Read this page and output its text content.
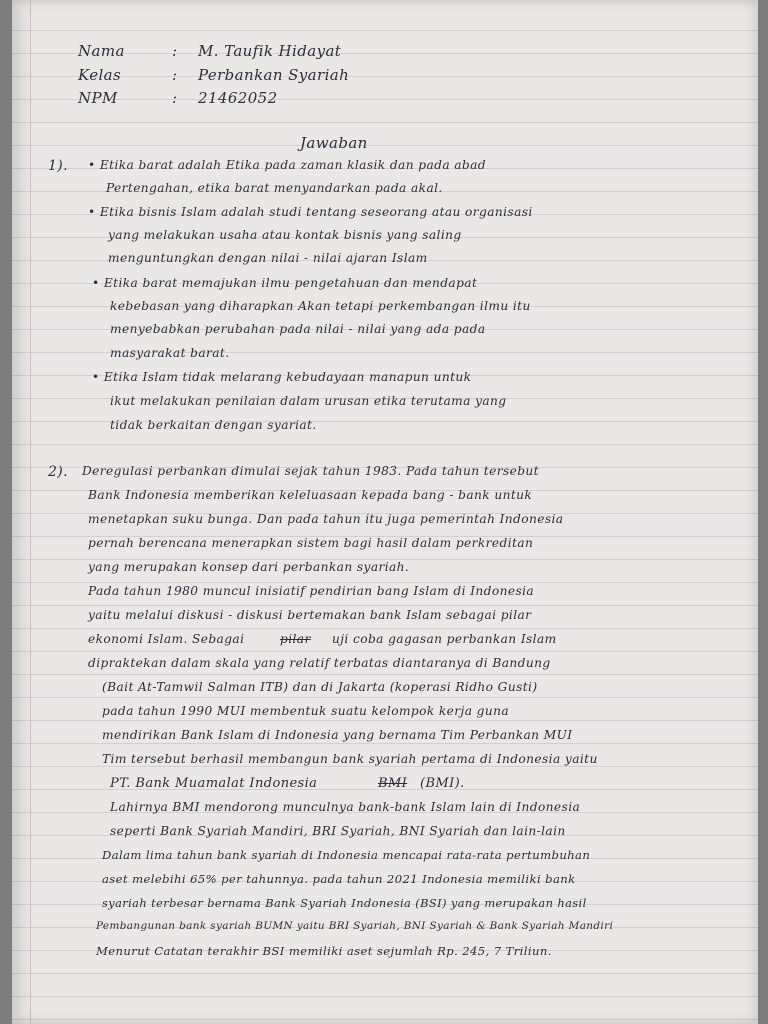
Nama	: M. Taufik Hidayat
Kelas	: Perbankan Syariah
NPM	: 21462052
Jawaban
1). • Etika barat adalah Etika pada zaman klasik dan pada abad
Pertengahan, etika barat menyandarkan pada akal.
• Etika bisnis Islam adalah studi tentang seseorang atau organisasi
yang melakukan usaha atau kontak bisnis yang saling
menguntungkan dengan nilai - nilai ajaran Islam
• Etika barat memajukan ilmu pengetahuan dan mendapat
kebebasan yang diharapkan Akan tetapi perkembangan ilmu itu
menyebabkan perubahan pada nilai - nilai yang ada pada
masyarakat barat.
• Etika Islam tidak melarang kebudayaan manapun untuk
ikut melakukan penilaian dalam urusan etika terutama yang
tidak berkaitan dengan syariat.
2). Deregulasi perbankan dimulai sejak tahun 1983. Pada tahun tersebut
Bank Indonesia memberikan keleluasaan kepada bang - bank untuk
menetapkan suku bunga. Dan pada tahun itu juga pemerintah Indonesia
pernah berencana menerapkan sistem bagi hasil dalam perkreditan
yang merupakan konsep dari perbankan syariah.
Pada tahun 1980 muncul inisiatif pendirian bang Islam di Indonesia
yaitu melalui diskusi - diskusi bertemakan bank Islam sebagai pilar
ekonomi Islam. Sebagai	pilar uji coba gagasan perbankan Islam
dipraktekan dalam skala yang relatif terbatas diantaranya di Bandung
(Bait At-Tamwil Salman ITB) dan di Jakarta (koperasi Ridho Gusti)
pada tahun 1990 MUI membentuk suatu kelompok kerja guna
mendirikan Bank Islam di Indonesia yang bernama Tim Perbankan MUI
Tim tersebut berhasil membangun bank syariah pertama di Indonesia yaitu
PT. Bank Muamalat Indonesia	BMI (BMI).
Lahirnya BMI mendorong munculnya bank-bank Islam lain di Indonesia
seperti Bank Syariah Mandiri, BRI Syariah, BNI Syariah dan lain-lain
Dalam lima tahun bank syariah di Indonesia mencapai rata-rata pertumbuhan
aset melebihi 65% per tahunnya. pada tahun 2021 Indonesia memiliki bank
syariah terbesar bernama Bank Syariah Indonesia (BSI) yang merupakan hasil
Pembangunan bank syariah BUMN yaitu BRI Syariah, BNI Syariah & Bank Syariah Mandiri
Menurut Catatan terakhir BSI memiliki aset sejumlah Rp. 245, 7 Triliun.
